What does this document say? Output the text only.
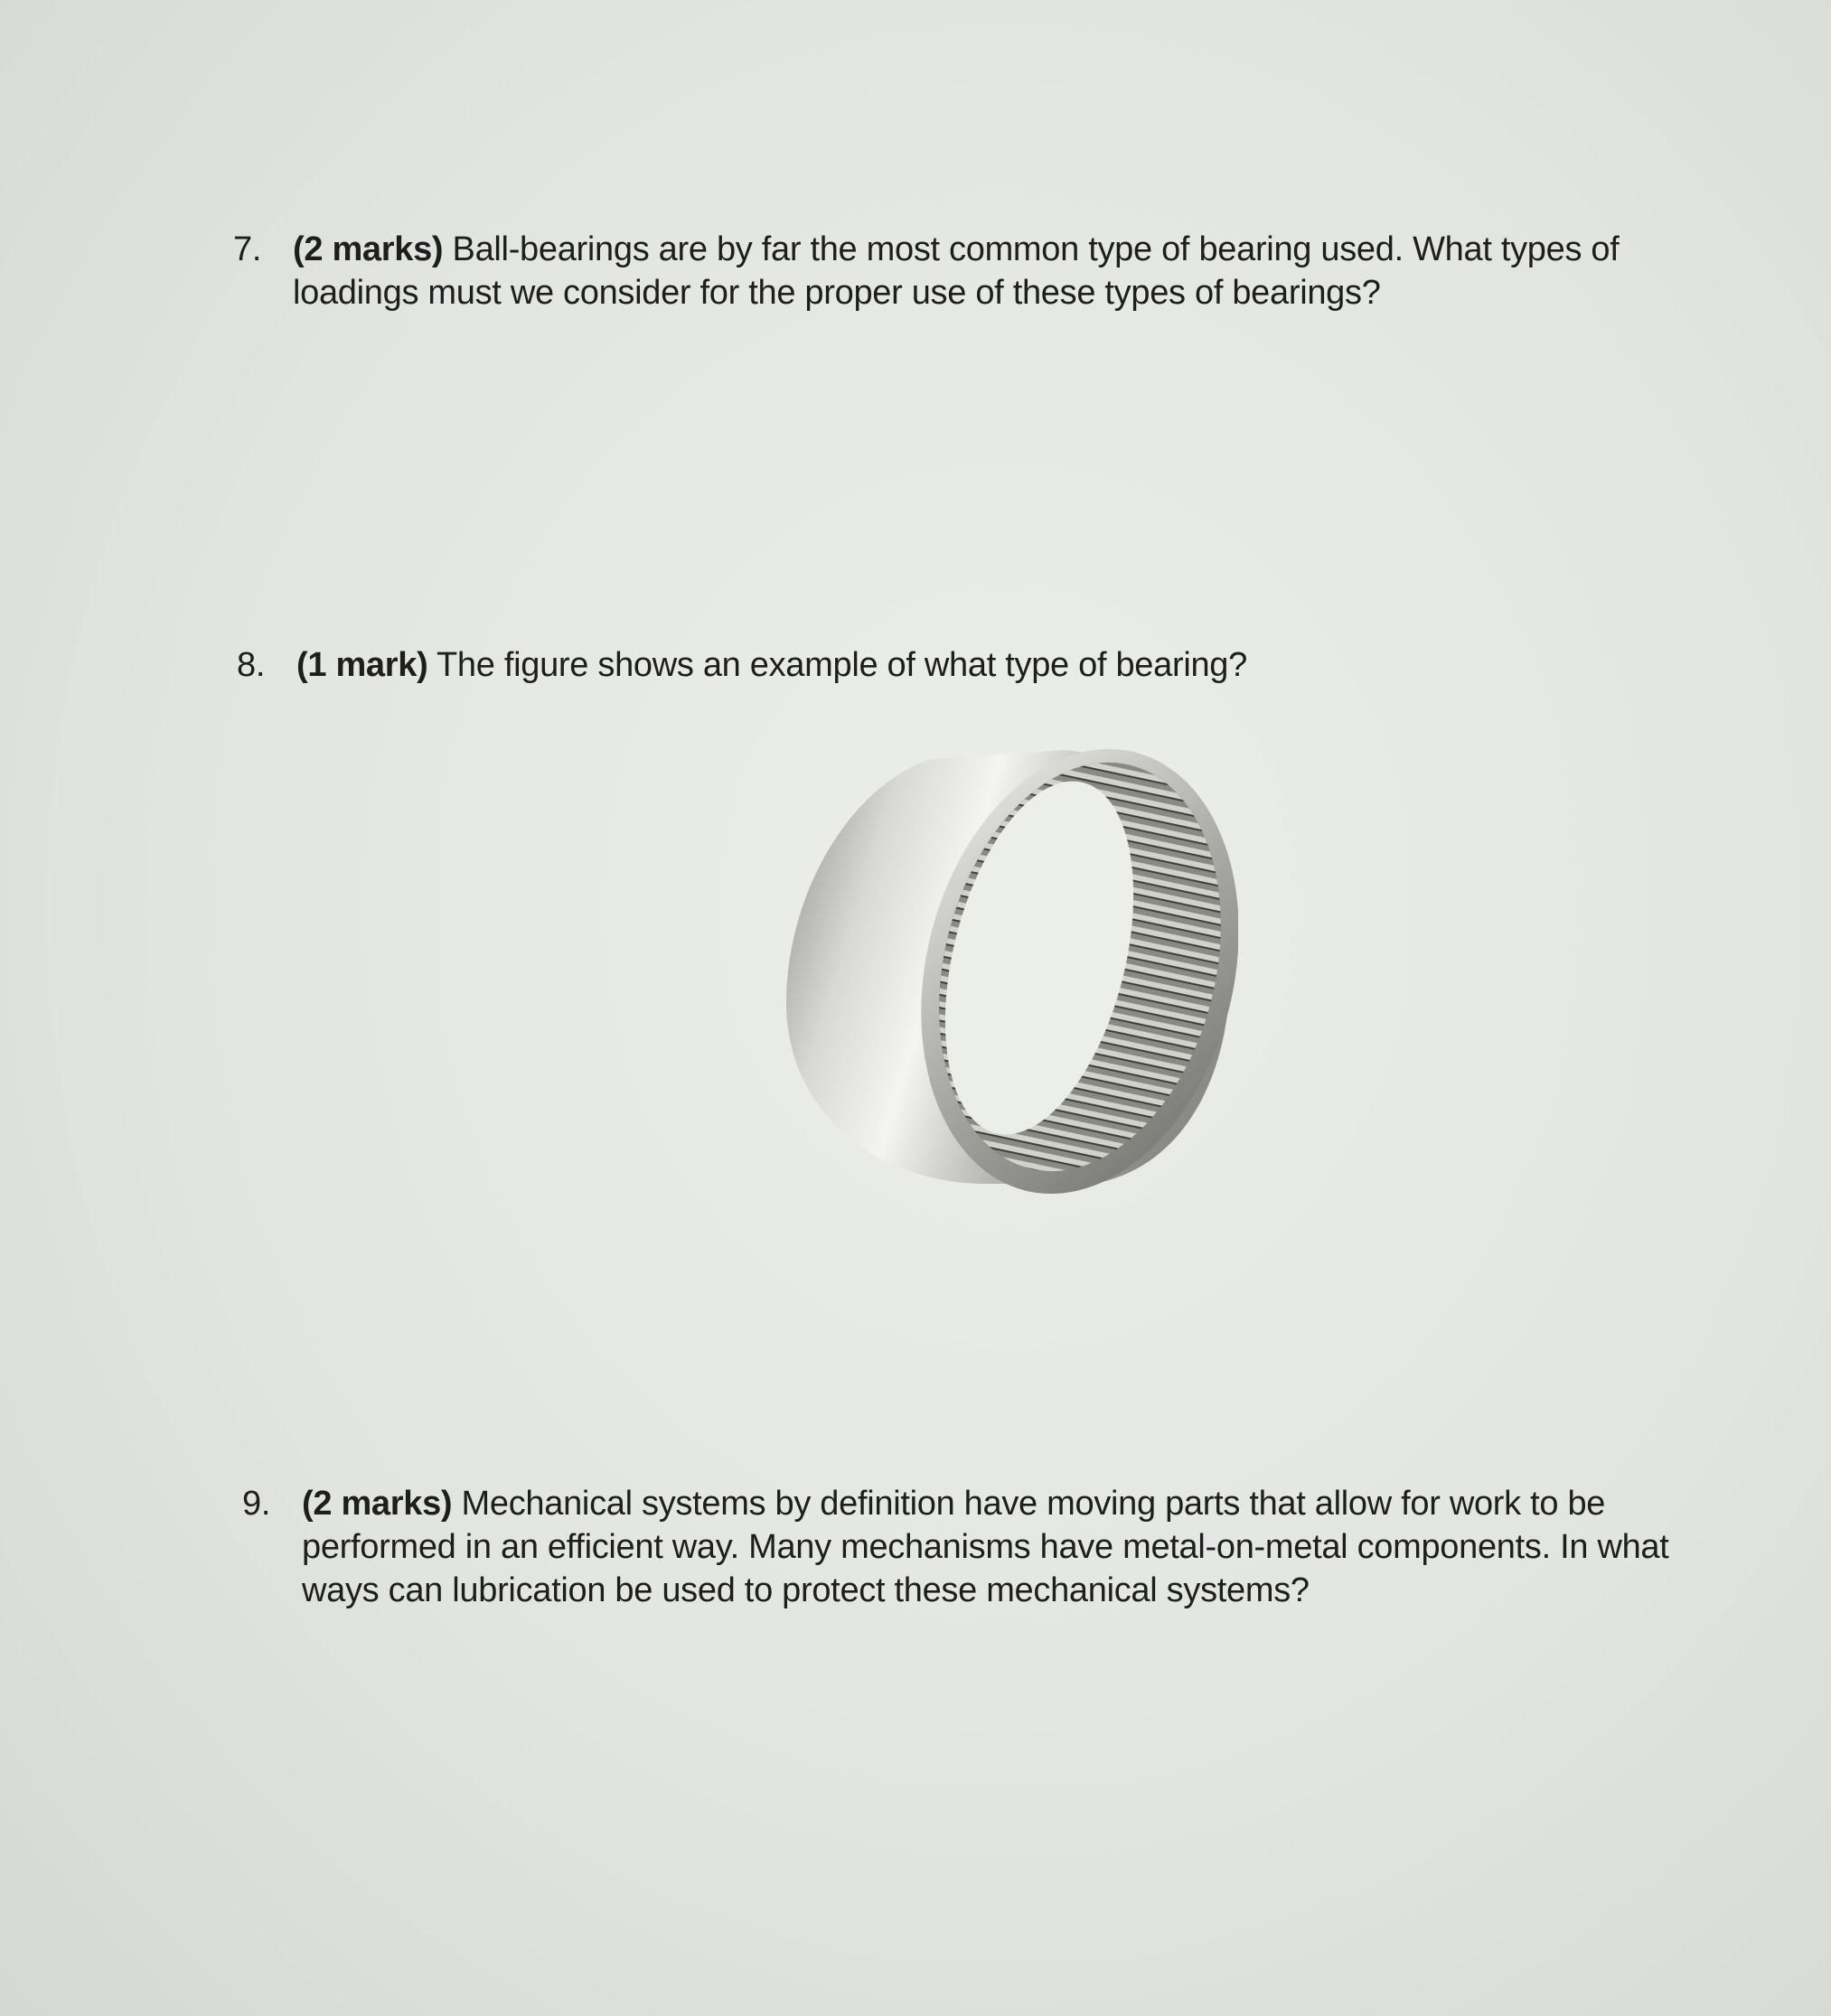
7. (2 marks) Ball-bearings are by far the most common type of bearing used. What types of loadings must we consider for the proper use of these types of bearings?
8. (1 mark) The figure shows an example of what type of bearing?
9. (2 marks) Mechanical systems by definition have moving parts that allow for work to be performed in an efficient way. Many mechanisms have metal-on-metal components. In what ways can lubrication be used to protect these mechanical systems?
